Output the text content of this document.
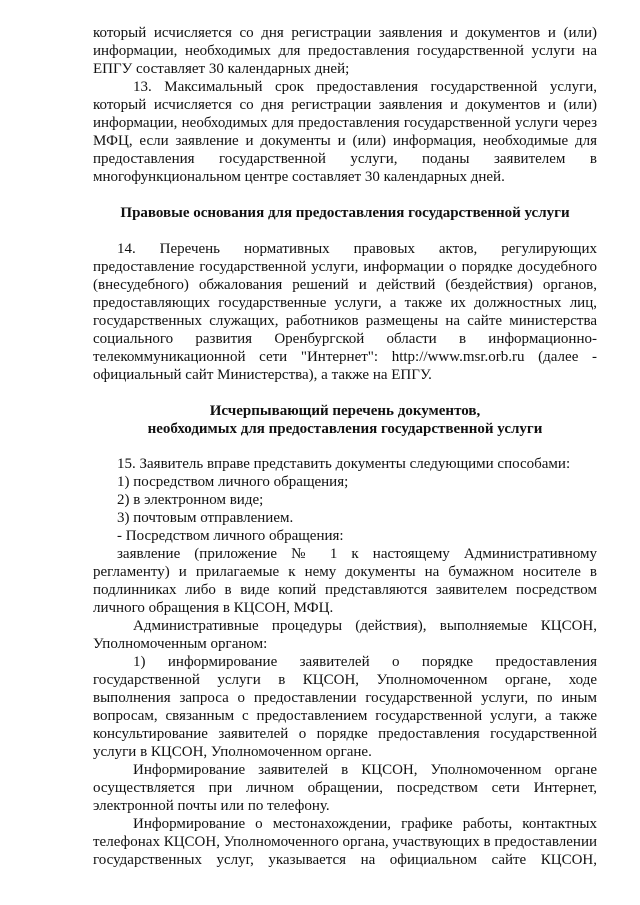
который исчисляется со дня регистрации заявления и документов и (или)
информации, необходимых для предоставления государственной услуги на
ЕПГУ составляет 30 календарных дней;
13. Максимальный срок предоставления государственной услуги,
который исчисляется со дня регистрации заявления и документов и (или)
информации, необходимых для предоставления государственной услуги через
МФЦ, если заявление и документы и (или) информация, необходимые для
предоставления государственной услуги, поданы заявителем в
многофункциональном центре составляет 30 календарных дней.
Правовые основания для предоставления государственной услуги
14. Перечень нормативных правовых актов, регулирующих
предоставление государственной услуги, информации о порядке досудебного
(внесудебного) обжалования решений и действий (бездействия) органов,
предоставляющих государственные услуги, а также их должностных лиц,
государственных служащих, работников размещены на сайте министерства
социального развития Оренбургской области в информационно-
телекоммуникационной сети "Интернет": http://www.msr.orb.ru (далее -
официальный сайт Министерства), а также на ЕПГУ.
Исчерпывающий перечень документов,
необходимых для предоставления государственной услуги
15. Заявитель вправе представить документы следующими способами:
1) посредством личного обращения;
2) в электронном виде;
3) почтовым отправлением.
- Посредством личного обращения:
заявление (приложение № 1 к настоящему Административному
регламенту) и прилагаемые к нему документы на бумажном носителе в
подлинниках либо в виде копий представляются заявителем посредством
личного обращения в КЦСОН, МФЦ.
Административные процедуры (действия), выполняемые КЦСОН,
Уполномоченным органом:
1) информирование заявителей о порядке предоставления
государственной услуги в КЦСОН, Уполномоченном органе, ходе
выполнения запроса о предоставлении государственной услуги, по иным
вопросам, связанным с предоставлением государственной услуги, а также
консультирование заявителей о порядке предоставления государственной
услуги в КЦСОН, Уполномоченном органе.
Информирование заявителей в КЦСОН, Уполномоченном органе
осуществляется при личном обращении, посредством сети Интернет,
электронной почты или по телефону.
Информирование о местонахождении, графике работы, контактных
телефонах КЦСОН, Уполномоченного органа, участвующих в предоставлении
государственных услуг, указывается на официальном сайте КЦСОН,
